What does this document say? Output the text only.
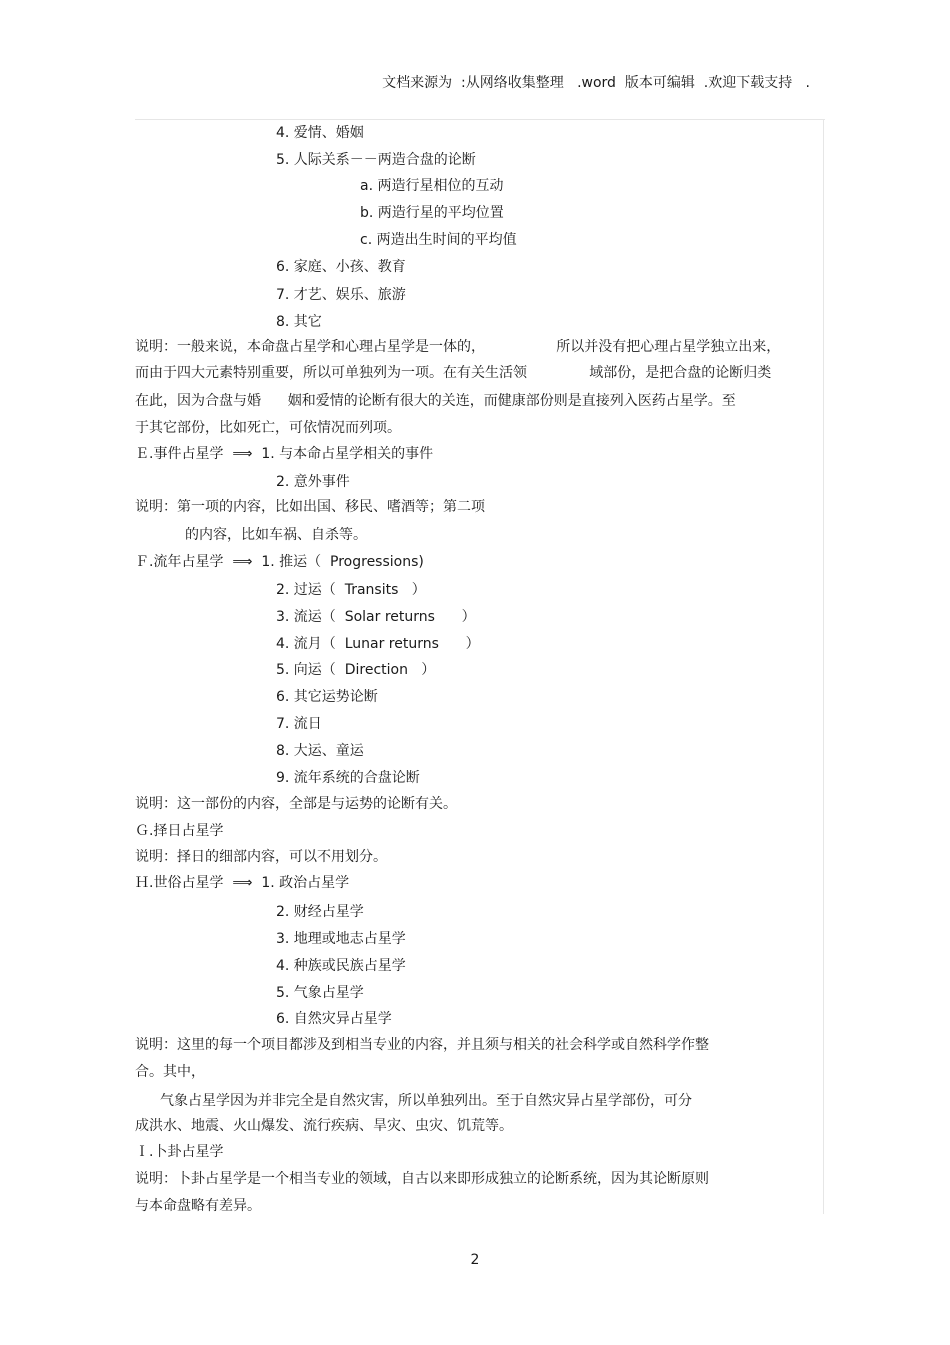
文档来源为  :从网络收集整理   .word  版本可编辑  .欢迎下载支持   .
4. 爱情、婚姻
5. 人际关系－－两造合盘的论断
a. 两造行星相位的互动
b. 两造行星的平均位置
c. 两造出生时间的平均值
6. 家庭、小孩、教育
7. 才艺、娱乐、旅游
8. 其它
说明：一般来说，本命盘占星学和心理占星学是一体的，                所以并没有把心理占星学独立出来，
而由于四大元素特别重要，所以可单独列为一项。在有关生活领              域部份，是把合盘的论断归类
在此，因为合盘与婚      姻和爱情的论断有很大的关连，而健康部份则是直接列入医药占星学。至
于其它部份，比如死亡，可依情况而列项。
Ｅ.事件占星学  ⟹  1. 与本命占星学相关的事件
2. 意外事件
说明：第一项的内容，比如出国、移民、嗜酒等；第二项
的内容，比如车祸、自杀等。
Ｆ.流年占星学  ⟹  1. 推运（  Progressions)
2. 过运（  Transits   ）
3. 流运（  Solar returns      ）
4. 流月（  Lunar returns      ）
5. 向运（  Direction   ）
6. 其它运势论断
7. 流日
8. 大运、童运
9. 流年系统的合盘论断
说明：这一部份的内容，全部是与运势的论断有关。
Ｇ.择日占星学
说明：择日的细部内容，可以不用划分。
Ｈ.世俗占星学  ⟹  1. 政治占星学
2. 财经占星学
3. 地理或地志占星学
4. 种族或民族占星学
5. 气象占星学
6. 自然灾异占星学
说明：这里的每一个项目都涉及到相当专业的内容，并且须与相关的社会科学或自然科学作整
合。其中，
气象占星学因为并非完全是自然灾害，所以单独列出。至于自然灾异占星学部份，可分
成洪水、地震、火山爆发、流行疾病、旱灾、虫灾、饥荒等。
Ｉ.卜卦占星学
说明：卜卦占星学是一个相当专业的领域，自古以来即形成独立的论断系统，因为其论断原则
与本命盘略有差异。
2
